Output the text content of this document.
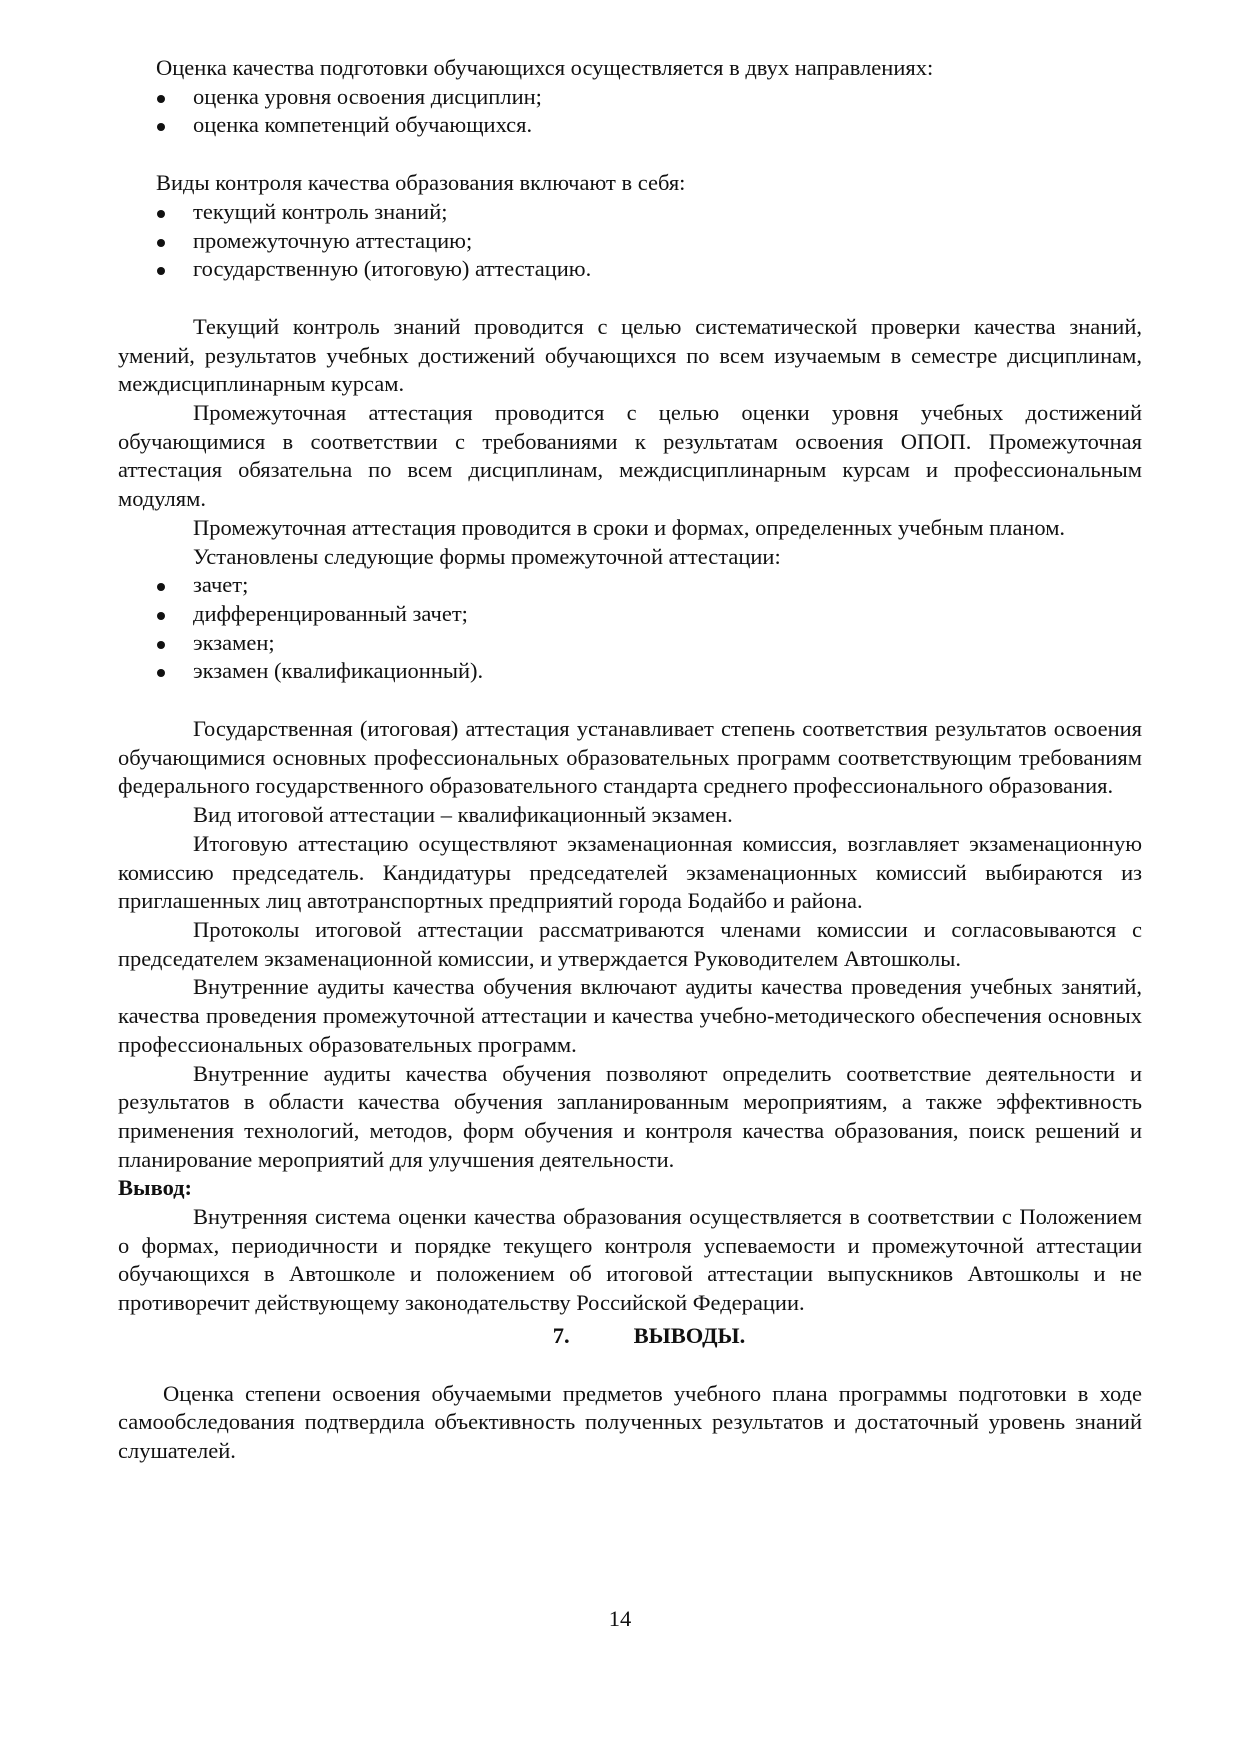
Оценка качества подготовки обучающихся осуществляется в двух направлениях:

оценка уровня освоения дисциплин;
оценка компетенций обучающихся.

Виды контроля качества образования включают в себя:

текущий контроль знаний;
промежуточную аттестацию;
государственную (итоговую) аттестацию.

Текущий контроль знаний проводится с целью систематической проверки качества знаний, умений, результатов учебных достижений обучающихся по всем изучаемым в семестре дисциплинам, междисциплинарным курсам.

Промежуточная аттестация проводится с целью оценки уровня учебных достижений обучающимися в соответствии с требованиями к результатам освоения ОПОП. Промежуточная аттестация обязательна по всем дисциплинам, междисциплинарным курсам и профессиональным модулям.

Промежуточная аттестация проводится в сроки и формах, определенных учебным планом.

Установлены следующие формы промежуточной аттестации:

зачет;
дифференцированный зачет;
экзамен;
экзамен (квалификационный).

Государственная (итоговая) аттестация устанавливает степень соответствия результатов освоения обучающимися основных профессиональных образовательных программ соответствующим требованиям федерального государственного образовательного стандарта среднего профессионального образования.

Вид итоговой аттестации – квалификационный экзамен.

Итоговую аттестацию осуществляют экзаменационная комиссия, возглавляет экзаменационную комиссию председатель. Кандидатуры председателей экзаменационных комиссий выбираются из приглашенных лиц автотранспортных предприятий города Бодайбо и района.

Протоколы итоговой аттестации рассматриваются членами комиссии и согласовываются с председателем экзаменационной комиссии, и утверждается Руководителем Автошколы.

Внутренние аудиты качества обучения включают аудиты качества проведения учебных занятий, качества проведения промежуточной аттестации и качества учебно-методического обеспечения основных профессиональных образовательных программ.

Внутренние аудиты качества обучения позволяют определить соответствие деятельности и результатов в области качества обучения запланированным мероприятиям, а также эффективность применения технологий, методов, форм обучения и контроля качества образования, поиск решений и планирование мероприятий для улучшения деятельности.

Вывод:

Внутренняя система оценки качества образования осуществляется в соответствии с Положением о формах, периодичности и порядке текущего контроля успеваемости и промежуточной аттестации обучающихся в Автошколе и положением об итоговой аттестации выпускников Автошколы и не противоречит действующему законодательству Российской Федерации.

7.	ВЫВОДЫ.

Оценка степени освоения обучаемыми предметов учебного плана программы подготовки в ходе самообследования подтвердила объективность полученных результатов и достаточный уровень знаний слушателей.

14
